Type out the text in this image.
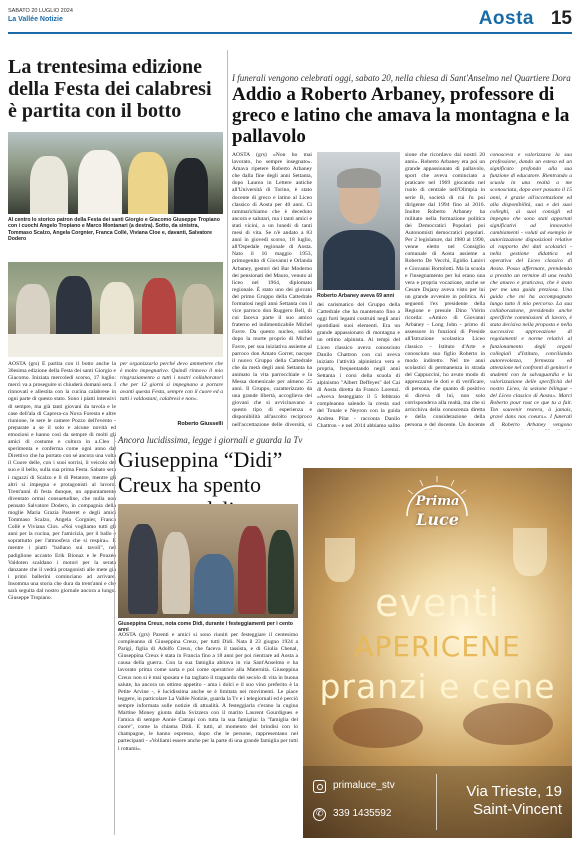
SABATO 20 LUGLIO 2024
La Vallée Notizie	Aosta 15
La trentesima edizione della Festa dei calabresi è partita con il botto
Al centro lo storico patron della Festa dei santi Giorgio e Giacomo Giuseppe Tropiano con i cuochi Angelo Tropiano e Marco Montanari (a destra). Sotto, da sinistra, Tommaso Scalzo, Angela Corgnier, Franca Collè, Viviana Cloe e, davanti, Salvatore Dodero
AOSTA (grs) È partita con il botto anche la 30esima edizione della Festa dei santi Giorgio e Giacomo. Iniziata mercoledì scorso, 17 luglio: mercì va a proseguire si chiuderà domani sera. I rinnovati e allestita con la cucina calabrese in ogni parte di questo stato. Sono i piatti intensivi di sempre, ma già tanti giovani da tavola e le case dell'ala di Caprera-ca Nova Foresta e altre riunione, le sere le camere Pozzo dell'evento - preparate a se il solo e alcune novità ed emozioni e hanno così da sempre di molti gli amici di costume e cultura in a.Cleo - sperimenta e conferma come ogni anno dal Direttivo che ha portato con sé ancora una volta il Cuore delle, con i suoi sorrisi, il veicolo del suo e il bello, sulla sua prima Festa. Sabato sera i ragazzi di Scalzo e lì di Petatore, mentre gli altri si impegna e protagonisti al lavoro. Trent'anni di festa dunque, un appuntamento diventato ormai consuetudine, che nulla non pensato Salvatore Dodero, in compagnia della moglie Maria Grazia Pasteret e degli amici Tommaso Scalzo, Angela Corgnier, Franca Collè e Viviana Clos. «Noi vogliamo tutti gli anni per la cucina, per l'amicizia, per il ballo e soprattutto per l'atmosfera che si respira». E mentre i piatti "ballano sui tavoli", nel padiglione accanto Erik Bionaz e le Pouzéo Valdoten scaldano i motori per la serata danzante che il vedrà protagonisti alle mete già i primi ballerini cominciano ad arrivare. Insomma una storia che dura da trent'anni e che sarà seguita dal nostro giornale ancora a lungo. Giuseppe Tropiano.
per organizzarla perché devo ammettere che è molto impegnativo. Quindi rinnovo il mio ringraziamento a tutti i nostri collaboratori che per 12 giorni si impegnano a portare avanti questa Festa, sempre con il cuore ed a tutti i valdostani, calabresi e non».
Roberto Giusselli
I funerali vengono celebrati oggi, sabato 20, nella chiesa di Sant'Anselmo nel Quartiere Dora
Addio a Roberto Arbaney, professore di greco e latino che amava la montagna e la pallavolo
AOSTA (grs) «Non ho mai lavorato, ho sempre insegnato». Amava ripetere Roberto Arbaney che dalla fine degli anni Settanta, dopo Laurea in Lettere antiche all'Università di Torino, è stato docente di greco e latino al Liceo classico di Aosta per 40 anni. Ci rammarichiamo che è deceduto ancora e salutari, ma i tanti amici e stati vicini, a un lunedi di tanti mesi di vita. Se n'è andato a 83 anni in giovedì scorso, 18 luglio, all'Ospedale regionale di Aosta. Nato il 16 maggio 1953, primogenito di Giovanni e Orlanda Arbaney, gestori del Bar Moderno dei pensionati del Mauro, venuto al liceo nel 1964, diplomato regionale. È stato uno dei giovani del primo Gruppo della Cattedrale formatosi negli anni Settanta con il vice parroco don Ruggero Bell, di cui faceva parte il suo amico fraterno ed indimenticabile Michel Favre. Da questo nucleo, solido dopo la morte proprio di Michel Favre, per sua iniziativa assieme al parroco don Amato Gorret, nacque il nuovo Gruppo della Cattedrale che da metà degli anni Settanta ha animato la vita parrocchiale e la Messa domenicale per almeno 25 anni. Il Gruppo, caratterizzato da una grande libertà, accoglieva dei giovani che si avvicinavano a questo tipo di esperienza e disponibilità all'ascolto reciproco nell'accettazione delle diversità, si
Roberto Arbaney aveva 69 anni
dei carismatico del Gruppo della Cattedrale che ha mantenuto fino a oggi forti legami costruiti negli anni quotidiani suoi elementi. Era un grande appassionato di montagna e un ottimo alpinista. Ai tempi del Liceo classico aveva conosciuto Danilo Chattron con cui aveva iniziato l'attività alpinistica vera e propria, frequentando negli anni Settanta i corsi della scuola di alpinismo "Albert Deffeyes" del Cai di Aosta diretta da Franco Lorenzi. «Aveva festeggiato il 5 febbraio compleanno salendo la cresta sud del Tonale e Neyron con la guida Andrea Pilat - racconta Danilo Chattron - e nel 2014 abbiamo salito
sione che ricordavo dai nostri 20 anni». Roberto Arbaney era poi un grande appassionato di pallavolo, sport che aveva cominciato a praticare nel 1969 giocando nel ruolo di centrale nell'Olimpia in serie B, società di cui fu poi dirigente dal 1994 fino al 2016. Inoltre Roberto Arbaney ha militato nella formazione politica dei Democratici Popolari poi Autonomisti democratici popolari. Per 2 legislature, dal 1980 al 1990, venne eletto nel Consiglio comunale di Aosta assieme a Roberto De Vecchi, Egidio Lanivi e Giovanni Bortolotti. Ma la scuola e l'insegnamento per lui erano una vera e propria vocazione, anche se Cesare Dujany aveva visto per lui un grande avvenire in politica. Ai seguenti l'ex presidente della Regione e presule Dino Viérin ricorda: «Amico di Giovanni Arbaney - Long John - primo di assessore in funzioni di Preside all'Istruzione scolastica Liceo classico - Istituto d'Arte e conosciuto suo figlio Roberto in modo indiretto. Nel tre anni scolastici di permanenza in strada del Cappuccini, ho avuto modo di apprezzarne le doti e di verificare, di persona, che quanto di positivo si diceva di lui, non solo corrispondeva alla realtà, ma che si arricchiva della conoscenza diretta e della considerazione della persona e del docente. Un docente
conosceva e valorizzava la sua professione, dando un esteso ed un significato profondo alla sua funzione di educatore. Rientrando a scuola in una realtà a me sconosciuta, dopo aver passato il 15 anni, è grazie all'accettazione ed alla disponibilità, sua e dei suoi colleghi, ai suoi consigli ed impegno che sono stati apportati significativi ad innovativi cambiamenti - voluti ad esempio le autorizzazione disposizioni relative al rapporto dei dati scolastici - nella gestione didattica ed operativa del Liceo classico di Aosta. Posso affermare, prendendo a prestito un termine di una realtà che amavo e praticava, che è stato per me una guida preziosa. Una guida che mi ha accompagnato lungo tutto il mio percorso. La sua collaborazione, presidendo anche specifiche commissioni di lavoro, è stata decisiva nella proposta e nella successiva approvazione di regolamenti e norme relativi al funzionamento degli organi collegiali d'Istituto, conciliando autorevolezza, fermezza ed attenzione nel confronti di genitori e studenti con la salvaguardia e la valorizzazione delle specificità del nostro Liceo, la sezione bilingue - del Liceo classico di Aosta». Marci Roberto pour tout ce que tu a fait. Ton souvenir restera, à jamais, gravé dans nos coeurs». I funerali di Roberto Arbaney vengono
Ancora lucidissima, legge i giornali e guarda la Tv
Giuseppina “Didi” Creux ha spento
Giuseppina Creux, nota come Didi, durante i festeggiamenti per i cento anni
AOSTA (grs) Parenti e amici si sono riuniti per festeggiare il centesimo compleanno di Giuseppina Creux, per tutti Didi. Nata il 23 giugno 1924 a Parigi, figlia di Adolfo Creux, che faceva il tassista, e di Giulia Chenal, Giuseppina Creux è stata in Francia fino a 18 anni per poi rientrare ad Aosta a causa della guerra. Con la sua famiglia abitava in via Sant'Anselmo e ha lavorato prima come sarta e poi come operatrice alla Maternità. Giuseppina Creux non si è mai sposata e ha tagliato il traguardo del secolo di vita in buona salute, ha ancora un ottimo appetito - ama i dolci e il suo vino preferito è la Petite Arvine -, è lucidissima anche se è limitata nei movimenti. Le piace leggere, in particolare La Vallée Notizie, guarda la Tv e i telegiornali ed è perciò sempre informata sulle notizie di attualità. A festeggiarla c'erano la cugina Martine Money giunta dalla Svizzera con il marito Laurent Gourdigues e l'amica di sempre Annie Catrapi con tutta la sua famiglia: la "famiglia del cuore", come la chiama Didi. E tutti, al momento del brindisi con lo champagne, le hanno espresso, dopo che le persone, rappresentano nel partecipanti - «Volliami essere anche per la parte di una grande famiglia per tutti i rottami».
Prima
Luce
eventi
APERICENE
pranzi e cene
primaluce_stv
✆
339 1435592
Via Trieste, 19
Saint-Vincent
